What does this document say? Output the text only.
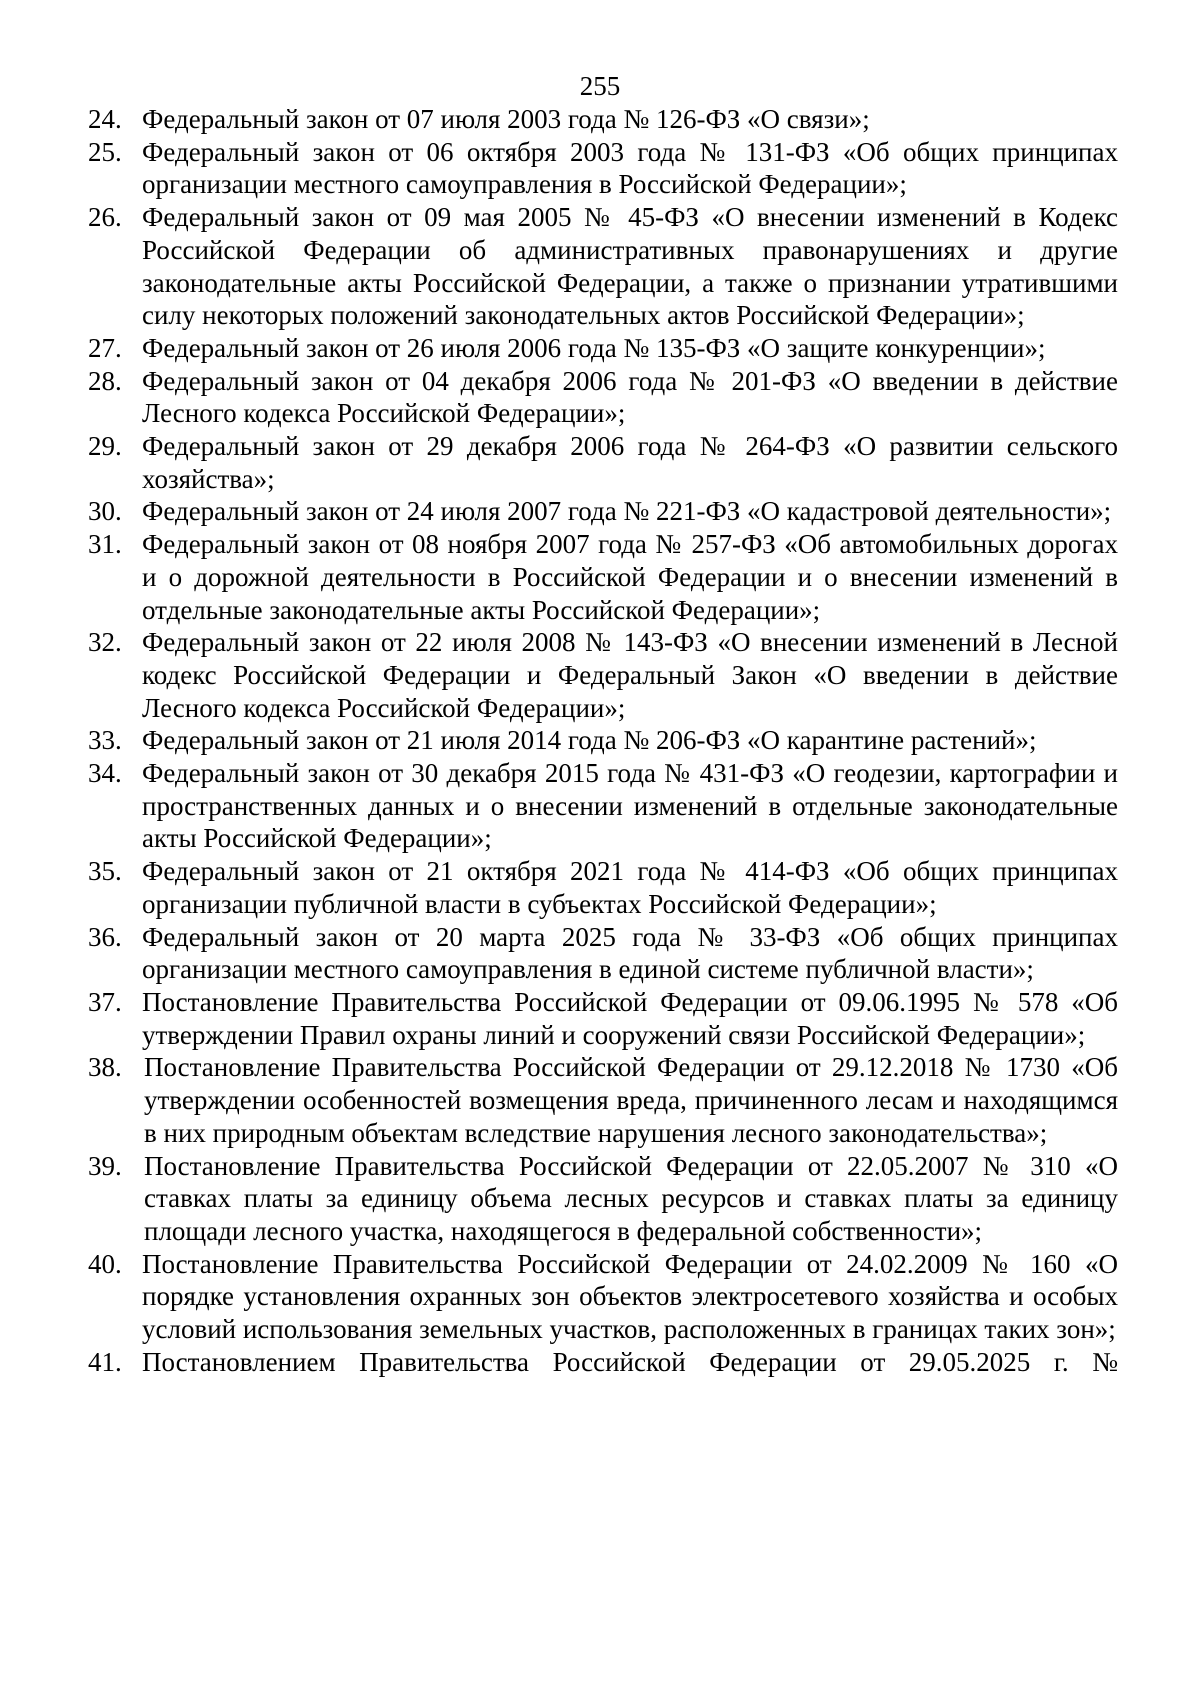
255
24. Федеральный закон от 07 июля 2003 года № 126-ФЗ «О связи»;
25. Федеральный закон от 06 октября 2003 года № 131-ФЗ «Об общих принципах организации местного самоуправления в Российской Федерации»;
26. Федеральный закон от 09 мая 2005 № 45-ФЗ «О внесении изменений в Кодекс Российской Федерации об административных правонарушениях и другие законодательные акты Российской Федерации, а также о признании утратившими силу некоторых положений законодательных актов Российской Федерации»;
27. Федеральный закон от 26 июля 2006 года № 135-ФЗ «О защите конкуренции»;
28. Федеральный закон от 04 декабря 2006 года № 201-ФЗ «О введении в действие Лесного кодекса Российской Федерации»;
29. Федеральный закон от 29 декабря 2006 года № 264-ФЗ «О развитии сельского хозяйства»;
30. Федеральный закон от 24 июля 2007 года № 221-ФЗ «О кадастровой деятельности»;
31. Федеральный закон от 08 ноября 2007 года № 257-ФЗ «Об автомобильных дорогах и о дорожной деятельности в Российской Федерации и о внесении изменений в отдельные законодательные акты Российской Федерации»;
32. Федеральный закон от 22 июля 2008 № 143-ФЗ «О внесении изменений в Лесной кодекс Российской Федерации и Федеральный Закон «О введении в действие Лесного кодекса Российской Федерации»;
33. Федеральный закон от 21 июля 2014 года № 206-ФЗ «О карантине растений»;
34. Федеральный закон от 30 декабря 2015 года № 431-ФЗ «О геодезии, картографии и пространственных данных и о внесении изменений в отдельные законодательные акты Российской Федерации»;
35. Федеральный закон от 21 октября 2021 года № 414-ФЗ «Об общих принципах организации публичной власти в субъектах Российской Федерации»;
36. Федеральный закон от 20 марта 2025 года № 33-ФЗ «Об общих принципах организации местного самоуправления в единой системе публичной власти»;
37. Постановление Правительства Российской Федерации от 09.06.1995 № 578 «Об утверждении Правил охраны линий и сооружений связи Российской Федерации»;
38. Постановление Правительства Российской Федерации от 29.12.2018 № 1730 «Об утверждении особенностей возмещения вреда, причиненного лесам и находящимся в них природным объектам вследствие нарушения лесного законодательства»;
39. Постановление Правительства Российской Федерации от 22.05.2007 № 310 «О ставках платы за единицу объема лесных ресурсов и ставках платы за единицу площади лесного участка, находящегося в федеральной собственности»;
40. Постановление Правительства Российской Федерации от 24.02.2009 № 160 «О порядке установления охранных зон объектов электросетевого хозяйства и особых условий использования земельных участков, расположенных в границах таких зон»;
41. Постановлением Правительства Российской Федерации от 29.05.2025 г. №
